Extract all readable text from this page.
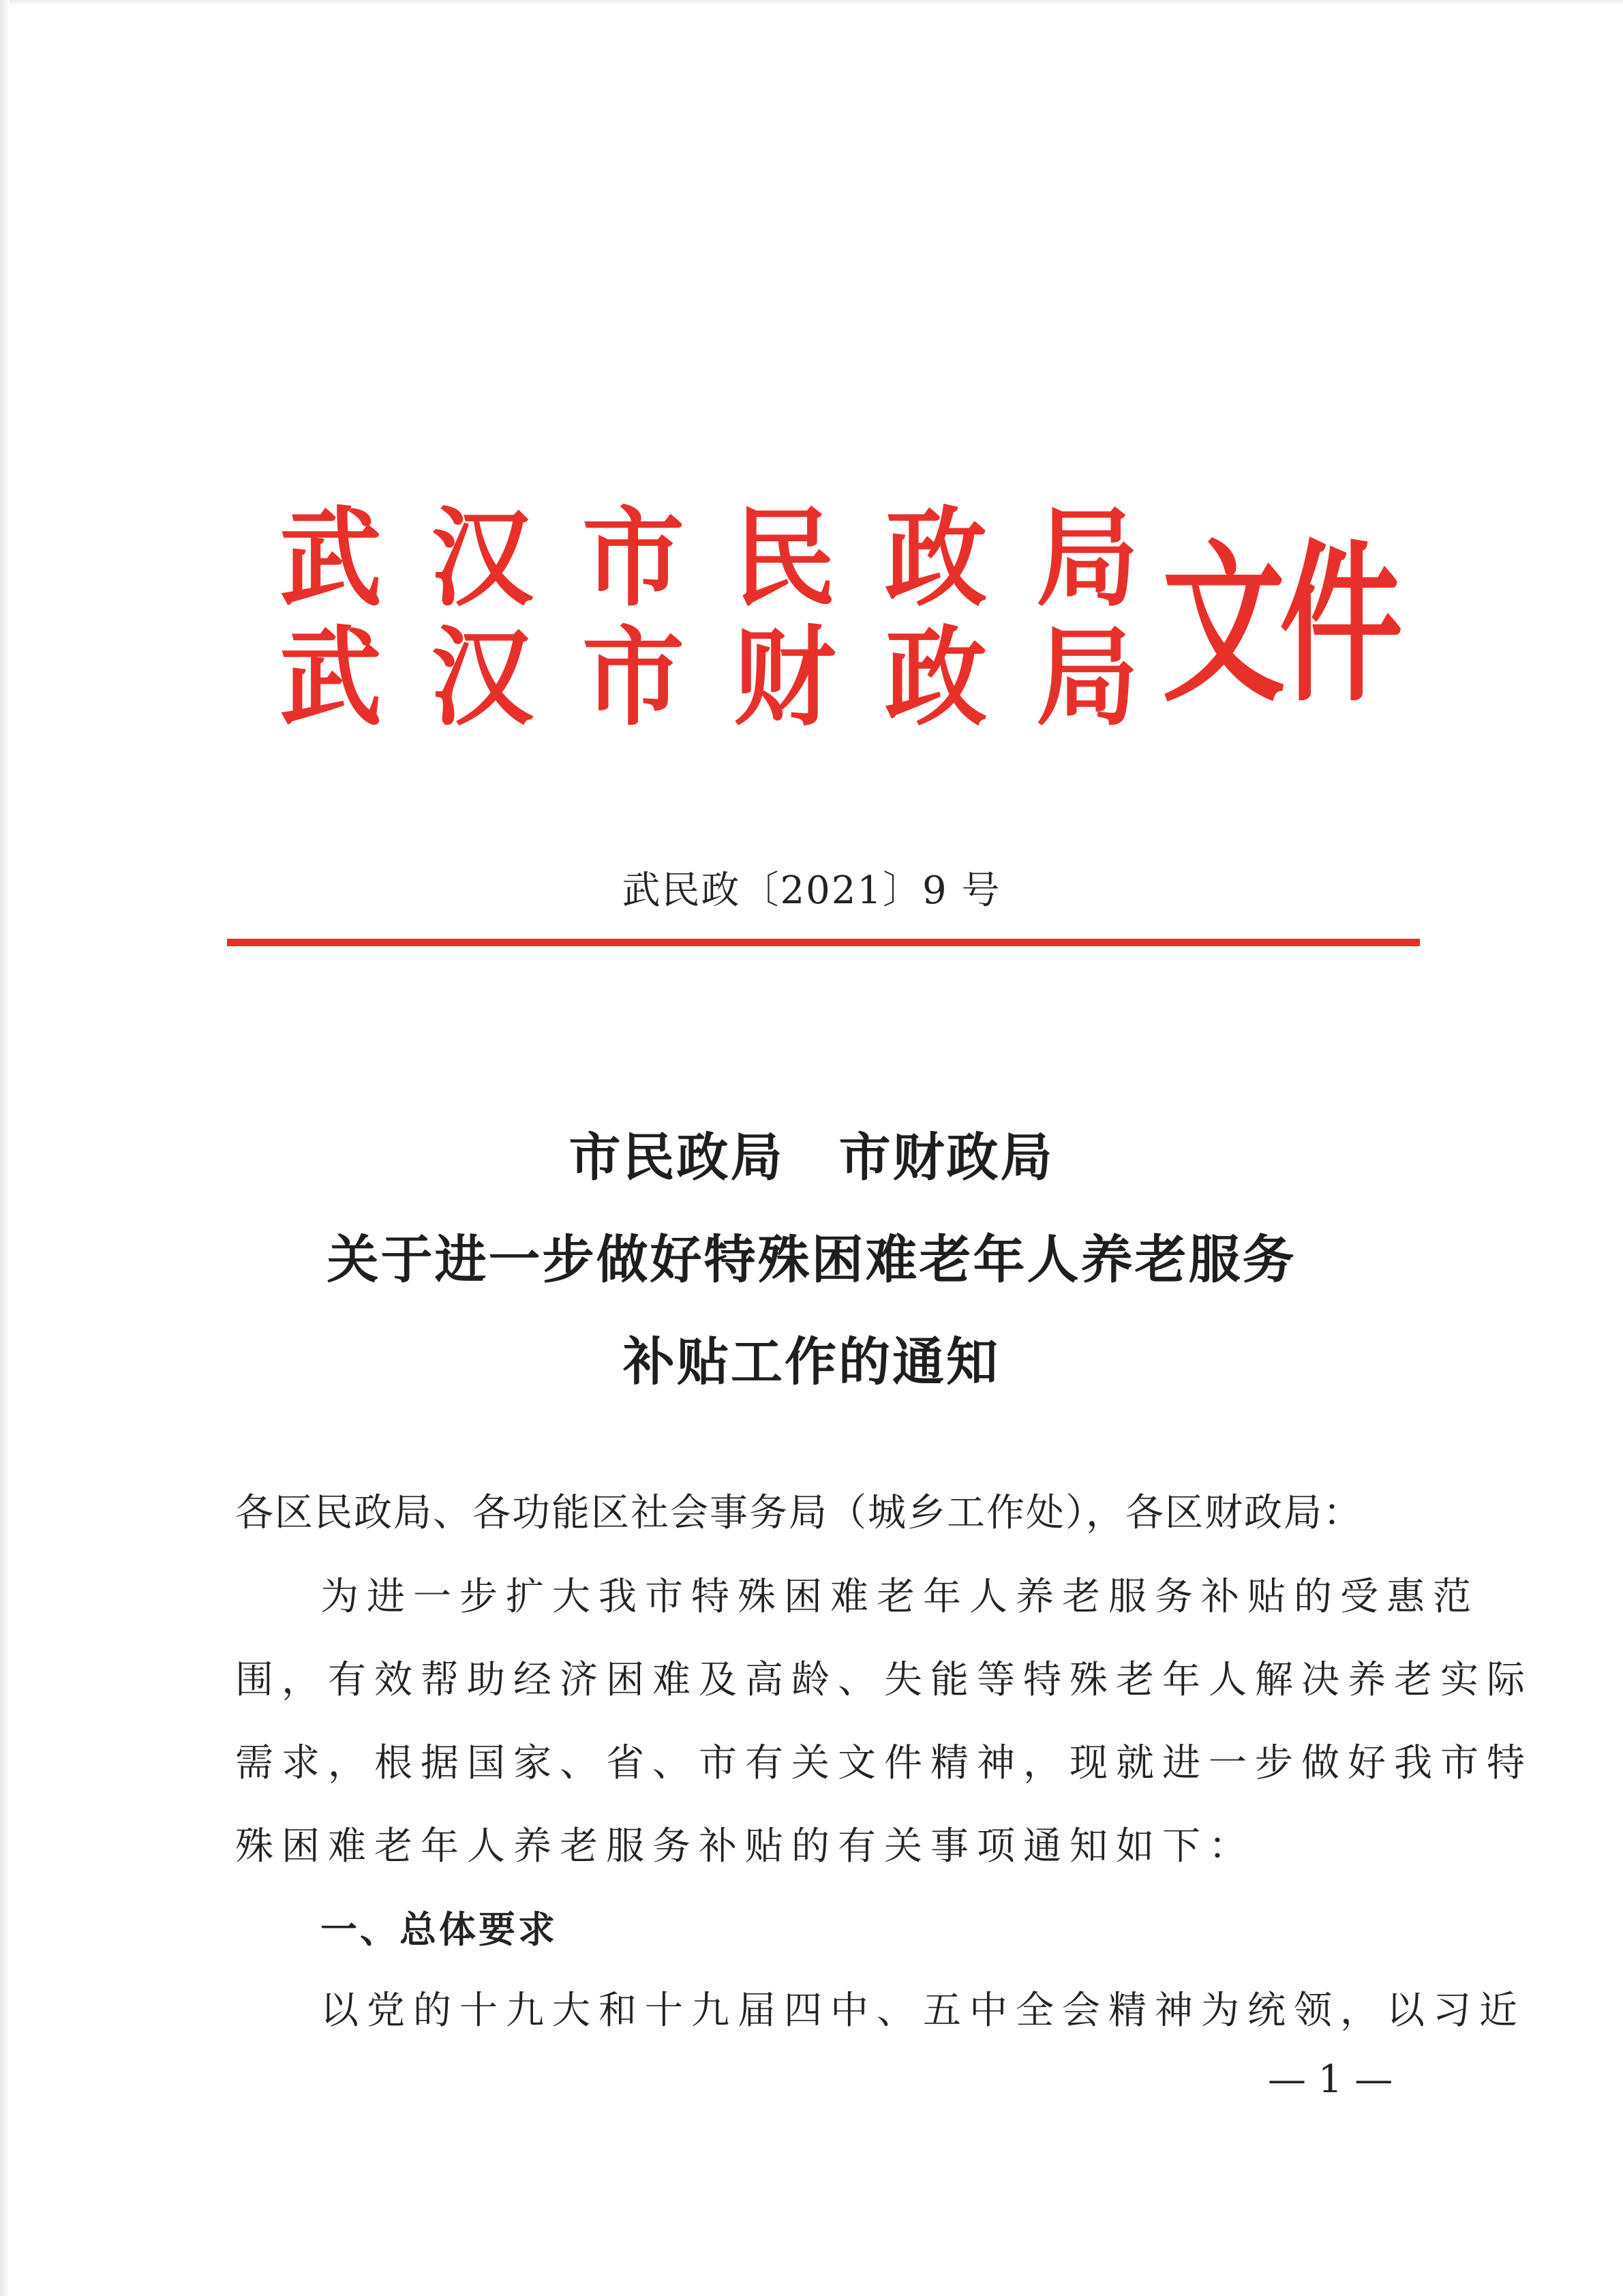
武 汉 市 民 政 局
武 汉 市 财 政 局 文件
武民政〔2021〕9 号
市民政局 市财政局
关于进一步做好特殊困难老年人养老服务
补贴工作的通知
各区民政局、各功能区社会事务局（城乡工作处），各区财政局：
为进一步扩大我市特殊困难老年人养老服务补贴的受惠范
围，有效帮助经济困难及高龄、失能等特殊老年人解决养老实际
需求，根据国家、省、市有关文件精神，现就进一步做好我市特
殊困难老年人养老服务补贴的有关事项通知如下：
一、总体要求
以党的十九大和十九届四中、五中全会精神为统领，以习近
— 1 —
